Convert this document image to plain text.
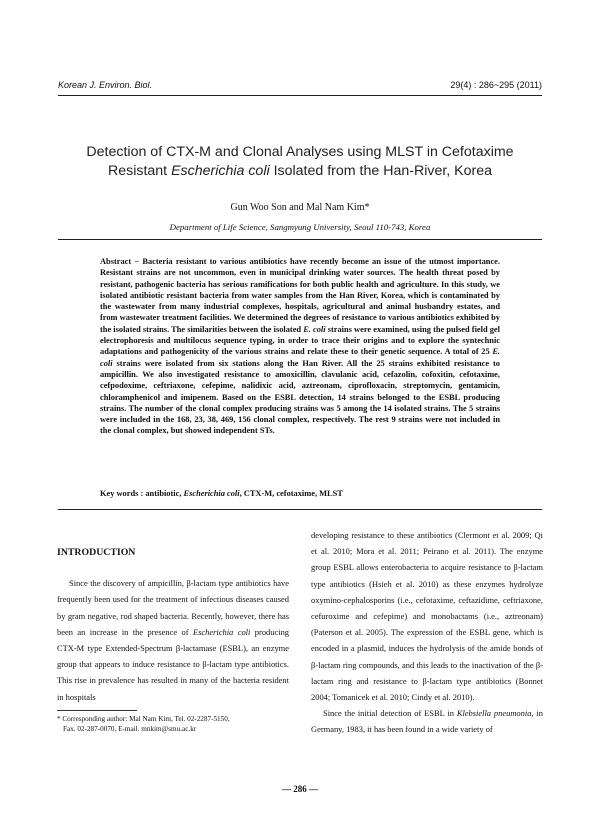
Korean J. Environ. Biol.	29(4) : 286~295 (2011)
Detection of CTX-M and Clonal Analyses using MLST in Cefotaxime
Resistant Escherichia coli Isolated from the Han-River, Korea
Gun Woo Son and Mal Nam Kim*
Department of Life Science, Sangmyung University, Seoul 110-743, Korea

Abstract − Bacteria resistant to various antibiotics have recently become an issue of the utmost importance. Resistant strains are not uncommon, even in municipal drinking water sources. The health threat posed by resistant, pathogenic bacteria has serious ramifications for both public health and agriculture. In this study, we isolated antibiotic resistant bacteria from water samples from the Han River, Korea, which is contaminated by the wastewater from many industrial complexes, hospitals, agricultural and animal husbandry estates, and from wastewater treatment facilities. We determined the degrees of resistance to various antibiotics exhibited by the isolated strains. The similarities between the isolated E. coli strains were examined, using the pulsed field gel electrophoresis and multilocus sequence typing, in order to trace their origins and to explore the syntechnic adaptations and pathogenicity of the various strains and relate these to their genetic sequence. A total of 25 E. coli strains were isolated from six stations along the Han River. All the 25 strains exhibited resistance to ampicillin. We also investigated resistance to amoxicillin, clavulanic acid, cefazolin, cofoxitin, cefotaxime, cefpodoxime, ceftriaxone, cefepime, nalidixic acid, aztreonam, ciprofloxacin, streptomycin, gentamicin, chloramphenicol and imipenem. Based on the ESBL detection, 14 strains belonged to the ESBL producing strains. The number of the clonal complex producing strains was 5 among the 14 isolated strains. The 5 strains were included in the 168, 23, 38, 469, 156 clonal complex, respectively. The rest 9 strains were not included in the clonal complex, but showed independent STs.

Key words : antibiotic, Escherichia coli, CTX-M, cefotaxime, MLST

INTRODUCTION

Since the discovery of ampicillin, β-lactam type antibiotics have frequently been used for the treatment of infectious diseases caused by gram negative, rod shaped bacteria. Recently, however, there has been an increase in the presence of Escherichia coli producing CTX-M type Extended-Spectrum β-lactamase (ESBL), an enzyme group that appears to induce resistance to β-lactam type antibiotics. This rise in prevalence has resulted in many of the bacteria resident in hospitals

developing resistance to these antibiotics (Clermont et al. 2009; Qi et al. 2010; Mora et al. 2011; Peirano et al. 2011). The enzyme group ESBL allows enterobacteria to acquire resistance to β-lactam type antibiotics (Hsieh et al. 2010) as these enzymes hydrolyze oxymino-cephalosporins (i.e., cefotaxime, ceftazidime, ceftriaxone, cefuroxime and cefepime) and monobactams (i.e., aztreonam) (Paterson et al. 2005). The expression of the ESBL gene, which is encoded in a plasmid, induces the hydrolysis of the amide bonds of β-lactam ring compounds, and this leads to the inactivation of the β-lactam ring and resistance to β-lactam type antibiotics (Bonnet 2004; Tomanicek et al. 2010; Cindy et al. 2010).

Since the initial detection of ESBL in Klebsiella pneumonia, in Germany, 1983, it has been found in a wide variety of

* Corresponding author: Mal Nam Kim, Tel. 02-2287-5150,
Fax. 02-287-0070, E-mail. mnkim@smu.ac.kr
— 286 —
